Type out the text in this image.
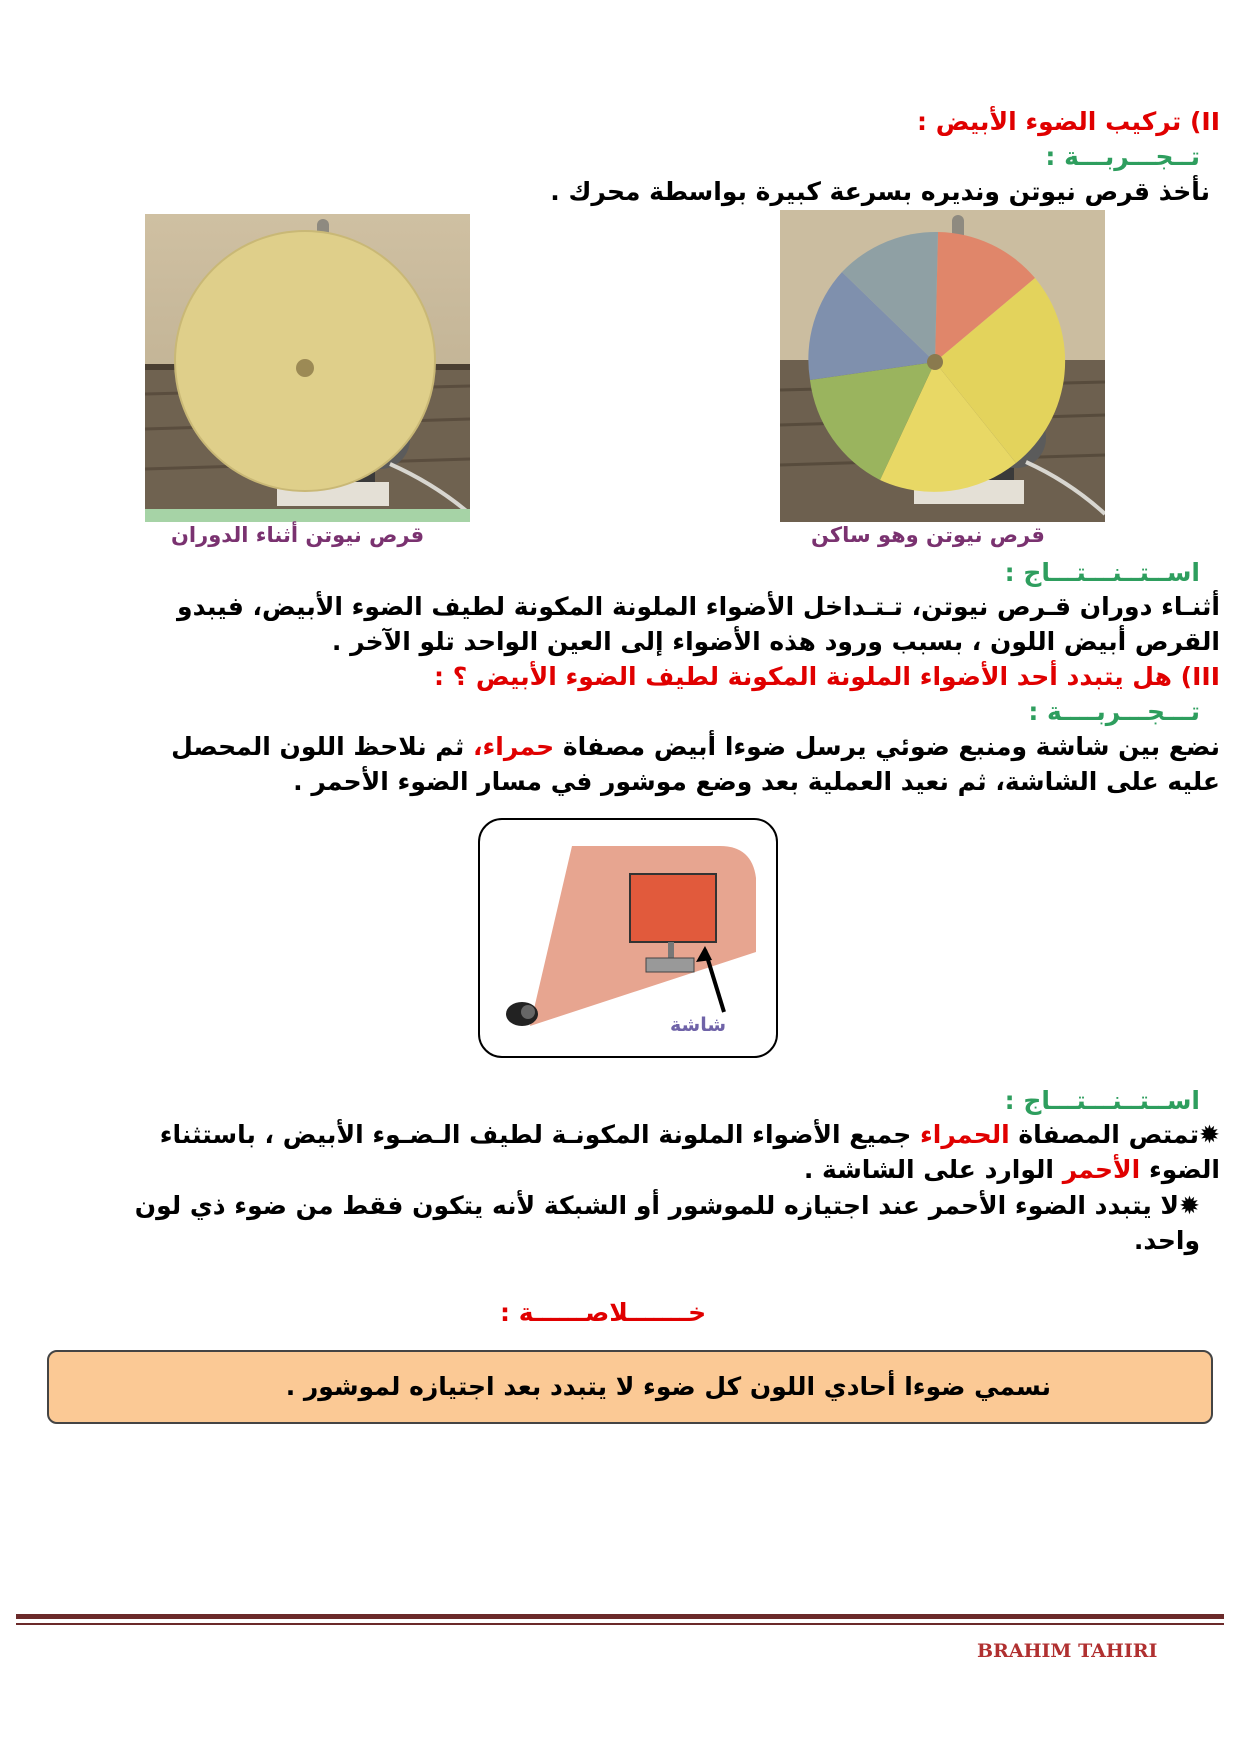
II) تركيب الضوء الأبيض :
تــجـــربـــة :
نأخذ قرص نيوتن ونديره بسرعة كبيرة بواسطة محرك .
قرص نيوتن وهو ساكن
قرص نيوتن أثناء الدوران
اســتــنـــتـــاج :
أثنـاء دوران قـرص نيوتن، تـتـداخل الأضواء الملونة المكونة لطيف الضوء الأبيض، فيبدو
القرص أبيض اللون ، بسبب ورود هذه الأضواء إلى العين الواحد تلو الآخر .
III) هل يتبدد أحد الأضواء الملونة المكونة لطيف الضوء الأبيض ؟ :
تـــجـــربــــة :
نضع بين شاشة ومنبع ضوئي يرسل ضوءا أبيض مصفاة حمراء، ثم نلاحظ اللون المحصل
عليه على الشاشة، ثم نعيد العملية بعد وضع موشور في مسار الضوء الأحمر .
شاشة
اســتــنـــتـــاج :
✹تمتص المصفاة الحمراء جميع الأضواء الملونة المكونـة لطيف الـضـوء الأبيض ، باستثناء
الضوء الأحمر الوارد على الشاشة .
✹لا يتبدد الضوء الأحمر عند اجتيازه للموشور أو الشبكة لأنه يتكون فقط من ضوء ذي لون
واحد.
خـــــــلاصــــــة :
نسمي ضوءا أحادي اللون كل ضوء لا يتبدد بعد اجتيازه لموشور .
BRAHIM TAHIRI
